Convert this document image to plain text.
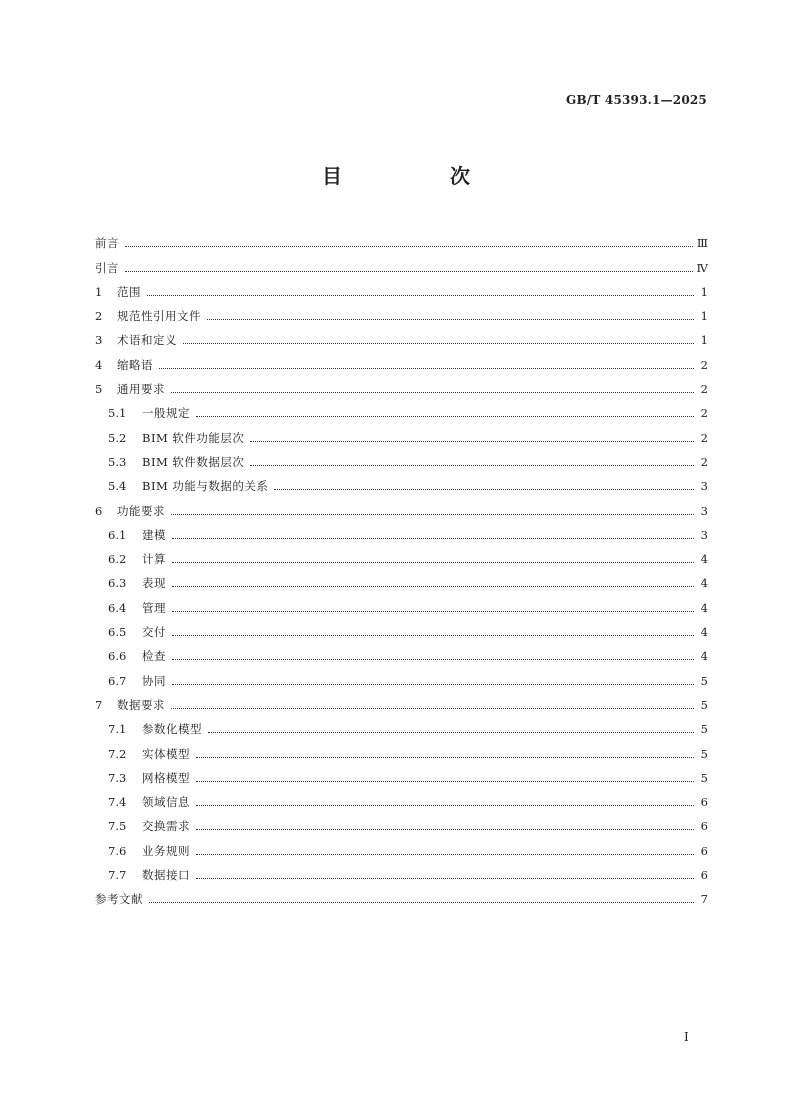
GB/T 45393.1—2025
目　次
前言	Ⅲ
引言	Ⅳ
1	范围	1
2	规范性引用文件	1
3	术语和定义	1
4	缩略语	2
5	通用要求	2
5.1	一般规定	2
5.2	BIM 软件功能层次	2
5.3	BIM 软件数据层次	2
5.4	BIM 功能与数据的关系	3
6	功能要求	3
6.1	建模	3
6.2	计算	4
6.3	表现	4
6.4	管理	4
6.5	交付	4
6.6	检查	4
6.7	协同	5
7	数据要求	5
7.1	参数化模型	5
7.2	实体模型	5
7.3	网格模型	5
7.4	领域信息	6
7.5	交换需求	6
7.6	业务规则	6
7.7	数据接口	6
参考文献	7
Ⅰ
